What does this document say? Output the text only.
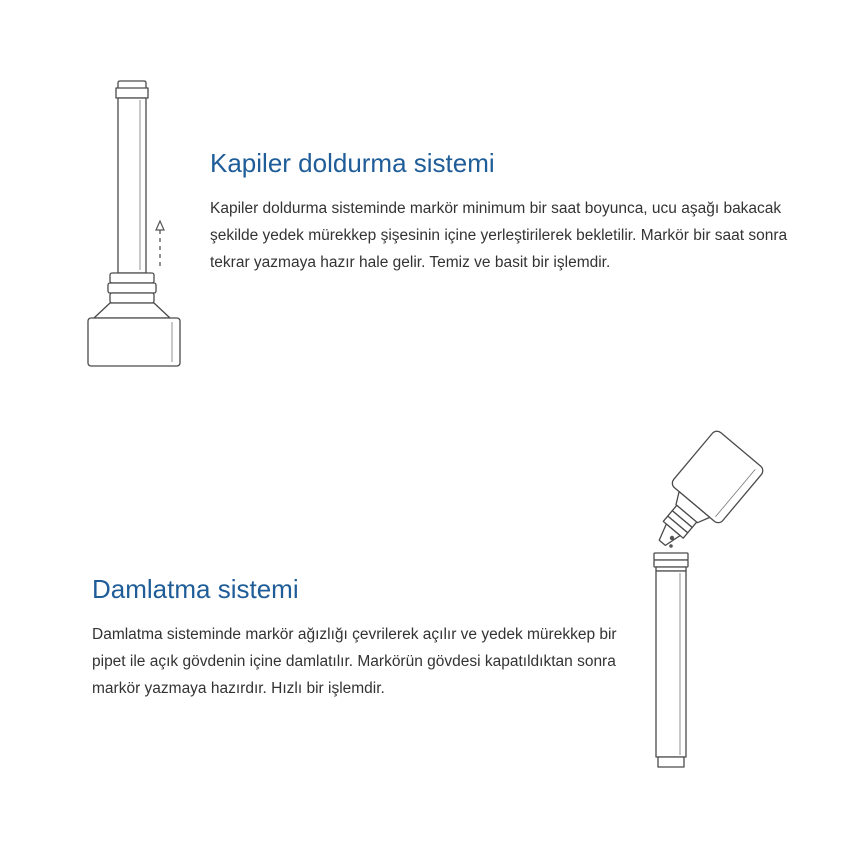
Kapiler doldurma sistemi

Kapiler doldurma sisteminde markör minimum bir saat boyunca, ucu aşağı bakacak şekilde yedek mürekkep şişesinin içine yerleştirilerek bekletilir. Markör bir saat sonra tekrar yazmaya hazır hale gelir. Temiz ve basit bir işlemdir.

Damlatma sistemi

Damlatma sisteminde markör ağızlığı çevrilerek açılır ve yedek mürekkep bir pipet ile açık gövdenin içine damlatılır. Markörün gövdesi kapatıldıktan sonra markör yazmaya hazırdır. Hızlı bir işlemdir.
